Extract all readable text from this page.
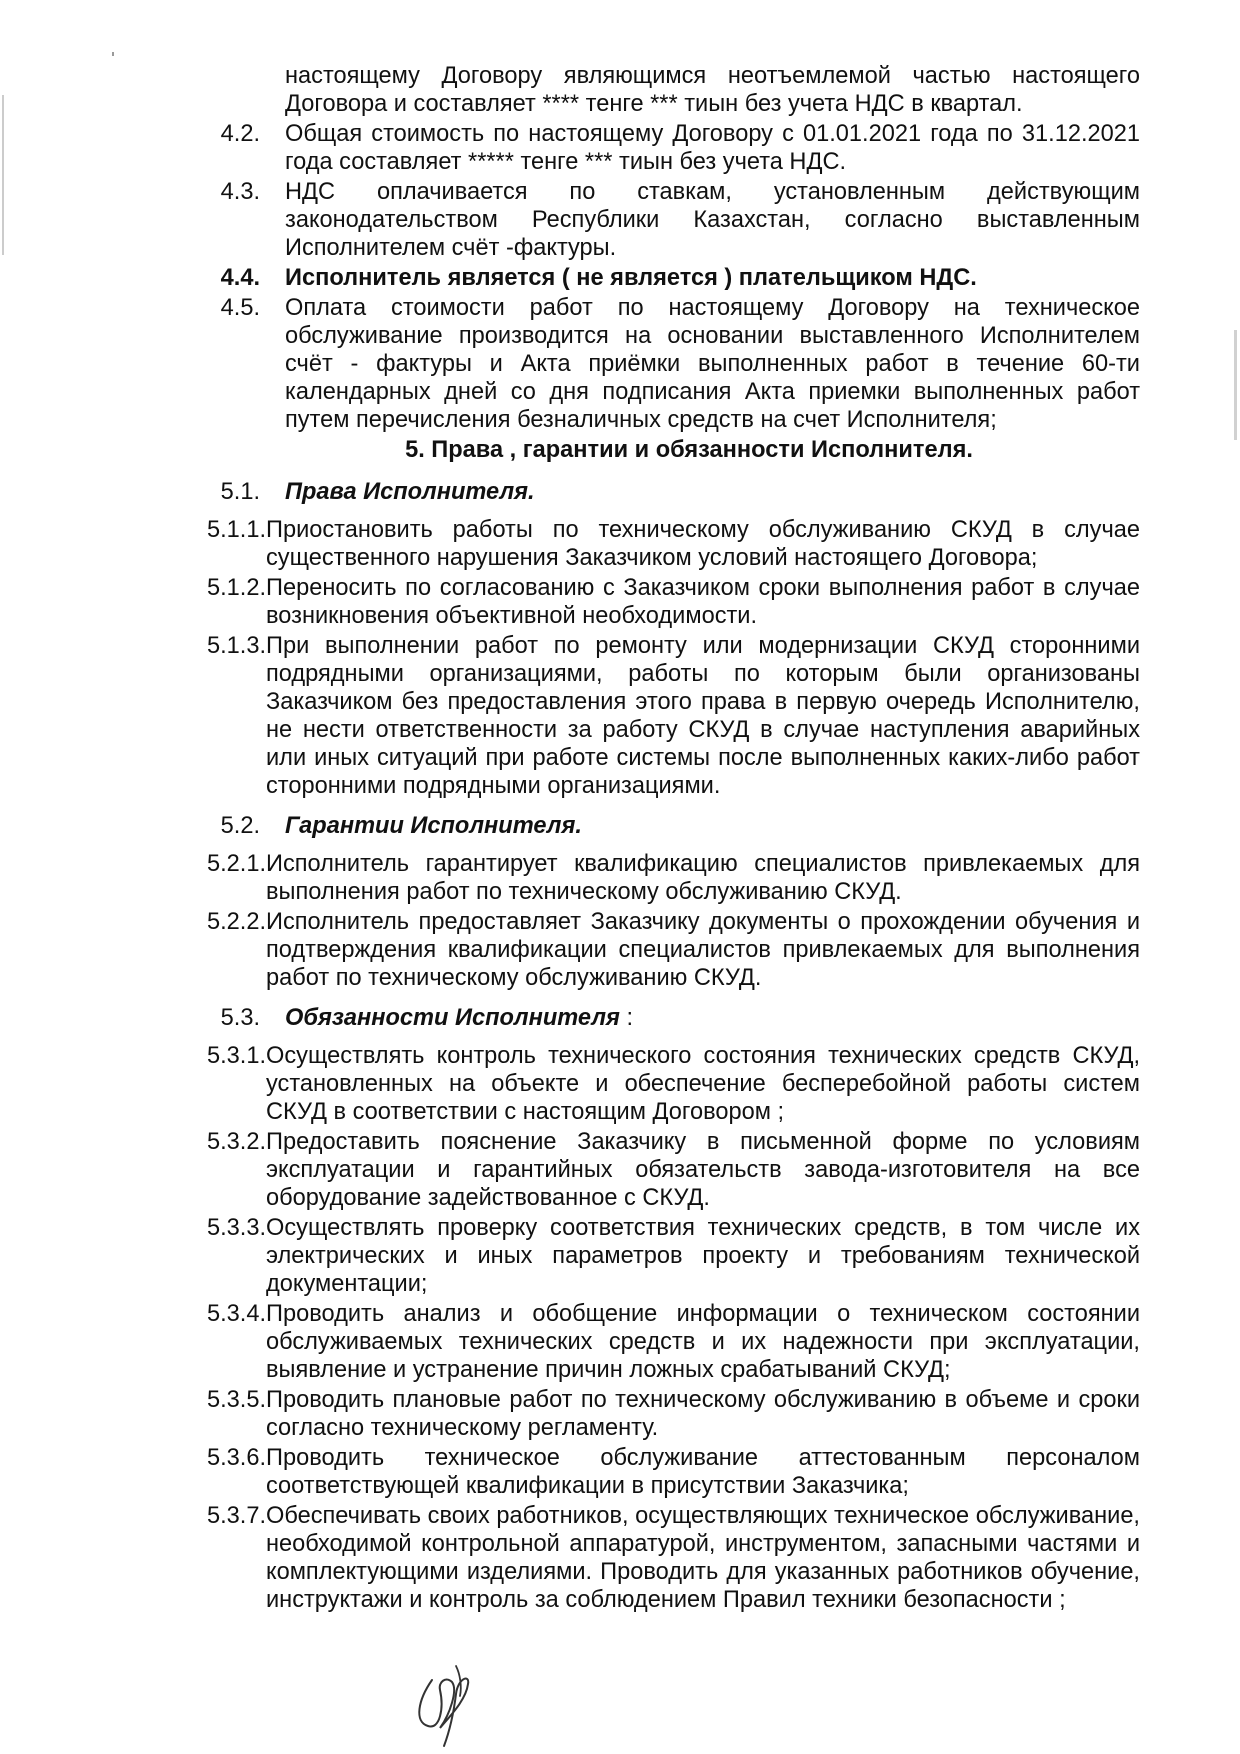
настоящему Договору являющимся неотъемлемой частью настоящего Договора и составляет **** тенге *** тиын без учета НДС в квартал.
4.2. Общая стоимость по настоящему Договору с 01.01.2021 года по 31.12.2021 года составляет ***** тенге *** тиын без учета НДС.
4.3. НДС оплачивается по ставкам, установленным действующим законодательством Республики Казахстан, согласно выставленным Исполнителем счёт -фактуры.
4.4. Исполнитель является ( не является ) плательщиком НДС.
4.5. Оплата стоимости работ по настоящему Договору на техническое обслуживание производится на основании выставленного Исполнителем счёт - фактуры и Акта приёмки выполненных работ в течение 60-ти календарных дней со дня подписания Акта приемки выполненных работ путем перечисления безналичных средств на счет Исполнителя;
5. Права , гарантии и обязанности Исполнителя.
5.1. Права Исполнителя.
5.1.1. Приостановить работы по техническому обслуживанию СКУД в случае существенного нарушения Заказчиком условий настоящего Договора;
5.1.2. Переносить по согласованию с Заказчиком сроки выполнения работ в случае возникновения объективной необходимости.
5.1.3. При выполнении работ по ремонту или модернизации СКУД сторонними подрядными организациями, работы по которым были организованы Заказчиком без предоставления этого права в первую очередь Исполнителю, не нести ответственности за работу СКУД в случае наступления аварийных или иных ситуаций при работе системы после выполненных каких-либо работ сторонними подрядными организациями.
5.2. Гарантии Исполнителя.
5.2.1. Исполнитель гарантирует квалификацию специалистов привлекаемых для выполнения работ по техническому обслуживанию СКУД.
5.2.2. Исполнитель предоставляет Заказчику документы о прохождении обучения и подтверждения квалификации специалистов привлекаемых для выполнения работ по техническому обслуживанию СКУД.
5.3. Обязанности Исполнителя :
5.3.1. Осуществлять контроль технического состояния технических средств СКУД, установленных на объекте и обеспечение бесперебойной работы систем СКУД в соответствии с настоящим Договором ;
5.3.2. Предоставить пояснение Заказчику в письменной форме по условиям эксплуатации и гарантийных обязательств завода-изготовителя на все оборудование задействованное с СКУД.
5.3.3. Осуществлять проверку соответствия технических средств, в том числе их электрических и иных параметров проекту и требованиям технической документации;
5.3.4. Проводить анализ и обобщение информации о техническом состоянии обслуживаемых технических средств и их надежности при эксплуатации, выявление и устранение причин ложных срабатываний СКУД;
5.3.5. Проводить плановые работ по техническому обслуживанию в объеме и сроки согласно техническому регламенту.
5.3.6. Проводить техническое обслуживание аттестованным персоналом соответствующей квалификации в присутствии Заказчика;
5.3.7. Обеспечивать своих работников, осуществляющих техническое обслуживание, необходимой контрольной аппаратурой, инструментом, запасными частями и комплектующими изделиями. Проводить для указанных работников обучение, инструктажи и контроль за соблюдением Правил техники безопасности ;
